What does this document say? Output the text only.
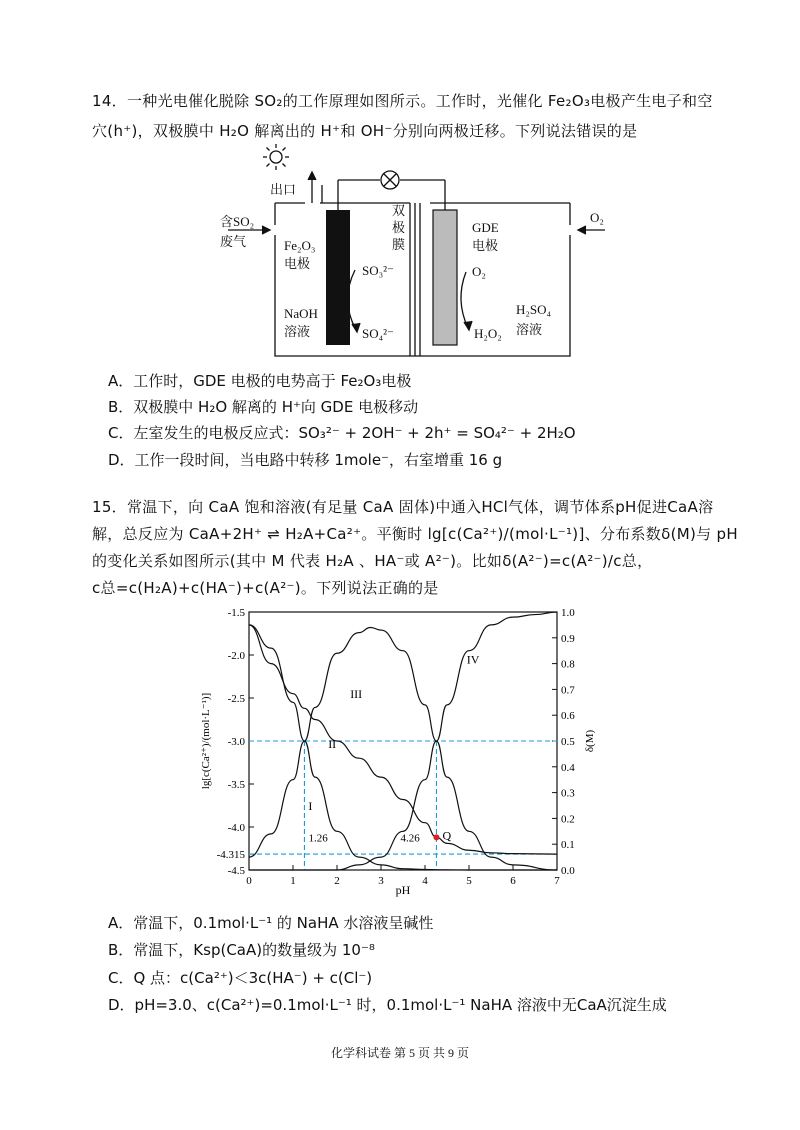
14．一种光电催化脱除 SO₂的工作原理如图所示。工作时，光催化 Fe₂O₃电极产生电子和空
穴(h⁺)，双极膜中 H₂O 解离出的 H⁺和 OH⁻分别向两极迁移。下列说法错误的是
出口
含SO₂
废气	Fe₂O₃
电极
NaOH
溶液
SO₃²⁻
SO₄²⁻
双
极
膜
GDE
电极
O₂
H₂O₂
O₂
H₂SO₄
溶液
A．工作时，GDE 电极的电势高于 Fe₂O₃电极
B．双极膜中 H₂O 解离的 H⁺向 GDE 电极移动
C．左室发生的电极反应式：SO₃²⁻ + 2OH⁻ + 2h⁺ = SO₄²⁻ + 2H₂O
D．工作一段时间，当电路中转移 1mole⁻，右室增重 16 g
15．常温下，向 CaA 饱和溶液(有足量 CaA 固体)中通入HCl气体，调节体系pH促进CaA溶
解，总反应为 CaA+2H⁺ ⇌ H₂A+Ca²⁺。平衡时 lg[c(Ca²⁺)/(mol·L⁻¹)]、分布系数δ(M)与 pH
的变化关系如图所示(其中 M 代表 H₂A 、HA⁻或 A²⁻)。比如δ(A²⁻)=c(A²⁻)/c总，
c总=c(H₂A)+c(HA⁻)+c(A²⁻)。下列说法正确的是
0	1	2	3	4	5	6	7
pH
-1.5
-2.0
-2.5
-3.0
-3.5
-4.0
-4.315
-4.5
1.0
0.9
0.8
0.7
0.6
0.5
0.4
0.3
0.2
0.1
0.0
lg[c(Ca²⁺)/(mol·L⁻¹)]	δ(M)
I
II
III
IV
1.26	4.26 Q
A．常温下，0.1mol·L⁻¹ 的 NaHA 水溶液呈碱性
B．常温下，Ksp(CaA)的数量级为 10⁻⁸
C．Q 点：c(Ca²⁺)＜3c(HA⁻) + c(Cl⁻)
D．pH=3.0、c(Ca²⁺)=0.1mol·L⁻¹ 时，0.1mol·L⁻¹ NaHA 溶液中无CaA沉淀生成
化学科试卷 第 5 页 共 9 页
